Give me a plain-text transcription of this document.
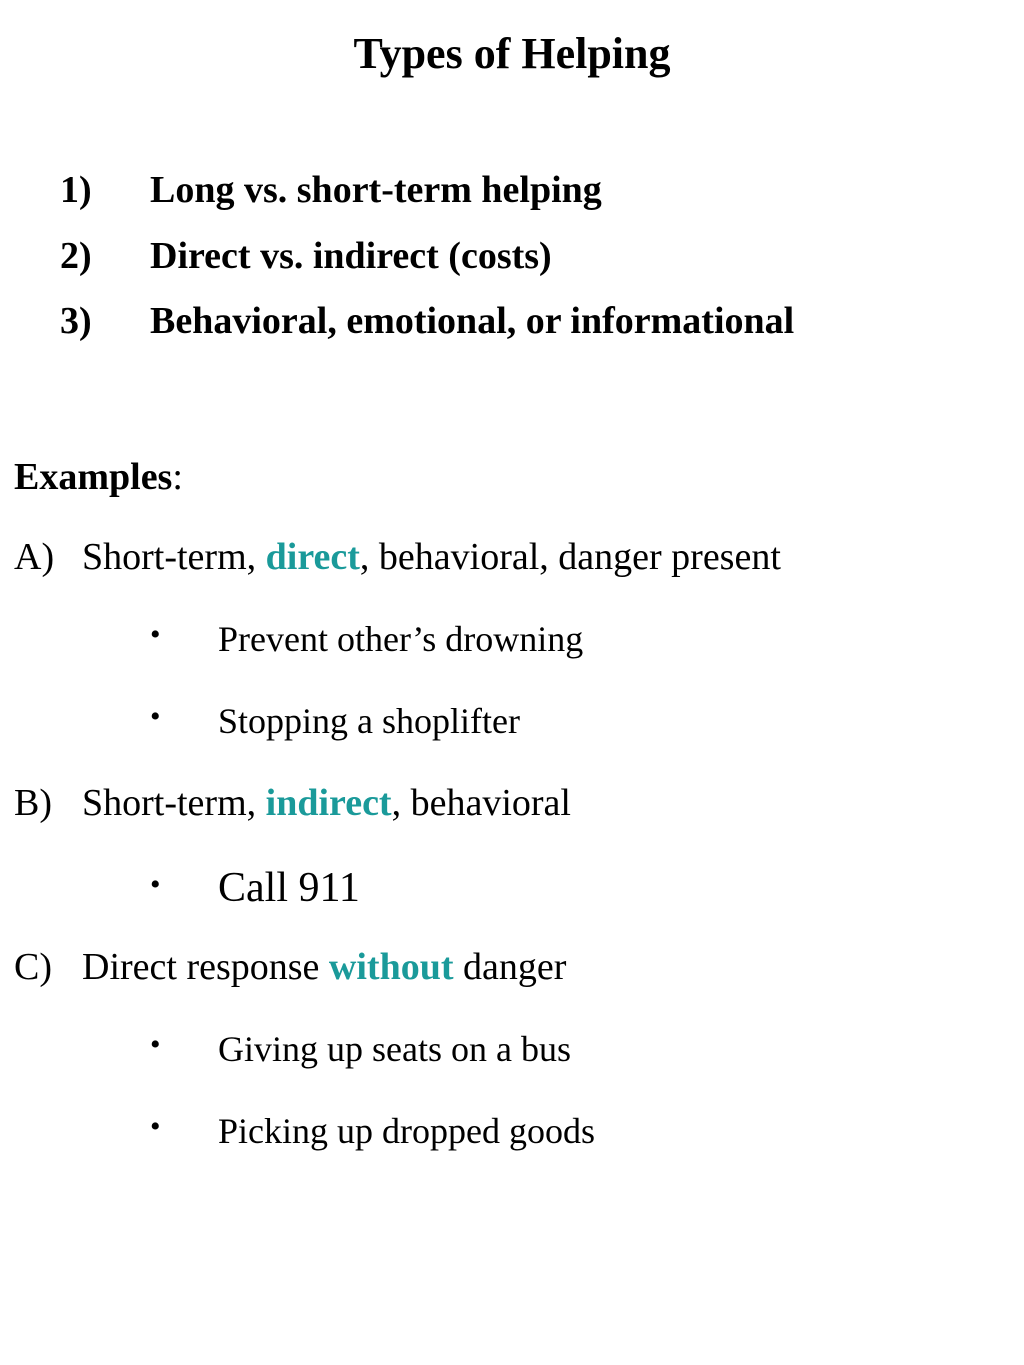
Types of Helping
1) Long vs. short-term helping
2) Direct vs. indirect (costs)
3) Behavioral, emotional, or informational
Examples:
A) Short-term, direct, behavioral, danger present
• Prevent other’s drowning
• Stopping a shoplifter
B) Short-term, indirect, behavioral
• Call 911
C) Direct response without danger
• Giving up seats on a bus
• Picking up dropped goods
